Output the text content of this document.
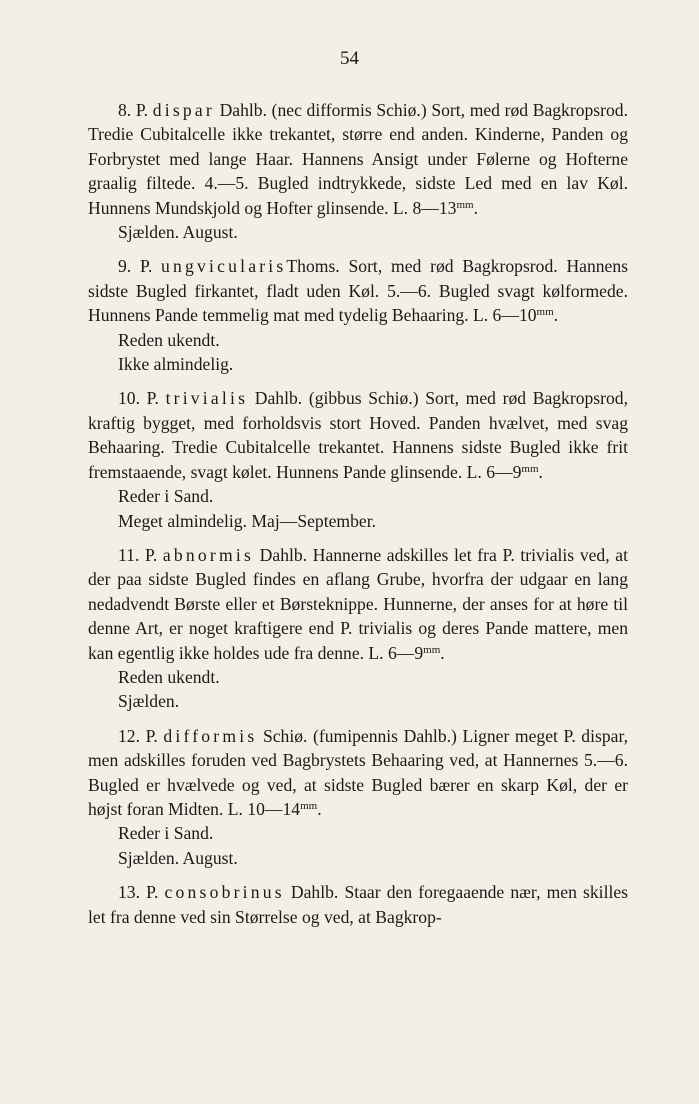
54
8. P. dispar Dahlb. (nec difformis Schiø.) Sort, med rød Bagkropsrod. Tredie Cubitalcelle ikke trekantet, større end anden. Kinderne, Panden og Forbrystet med lange Haar. Hannens Ansigt under Følerne og Hofterne graalig filtede. 4.—5. Bugled indtrykkede, sidste Led med en lav Køl. Hunnens Mundskjold og Hofter glinsende. L. $8—13^{mm}$.
Sjælden. August.
9. P. ungvicularisThoms. Sort, med rød Bagkropsrod. Hannens sidste Bugled firkantet, fladt uden Køl. 5.—6. Bugled svagt kølformede. Hunnens Pande temmelig mat med tydelig Behaaring. L. $6—10^{mm}$.
Reden ukendt.
Ikke almindelig.
10. P. trivialis Dahlb. (gibbus Schiø.) Sort, med rød Bagkropsrod, kraftig bygget, med forholdsvis stort Hoved. Panden hvælvet, med svag Behaaring. Tredie Cubitalcelle trekantet. Hannens sidste Bugled ikke frit fremstaaende, svagt kølet. Hunnens Pande glinsende. L. $6—9^{mm}$.
Reder i Sand.
Meget almindelig. Maj—September.
11. P. abnormis Dahlb. Hannerne adskilles let fra P. trivialis ved, at der paa sidste Bugled findes en aflang Grube, hvorfra der udgaar en lang nedadvendt Børste eller et Børsteknippe. Hunnerne, der anses for at høre til denne Art, er noget kraftigere end P. trivialis og deres Pande mattere, men kan egentlig ikke holdes ude fra denne. L. $6—9^{mm}$.
Reden ukendt.
Sjælden.
12. P. difformis Schiø. (fumipennis Dahlb.) Ligner meget P. dispar, men adskilles foruden ved Bagbrystets Behaaring ved, at Hannernes 5.—6. Bugled er hvælvede og ved, at sidste Bugled bærer en skarp Køl, der er højst foran Midten. L. $10—14^{mm}$.
Reder i Sand.
Sjælden. August.
13. P. consobrinus Dahlb. Staar den foregaaende nær, men skilles let fra denne ved sin Størrelse og ved, at Bagkrop-
